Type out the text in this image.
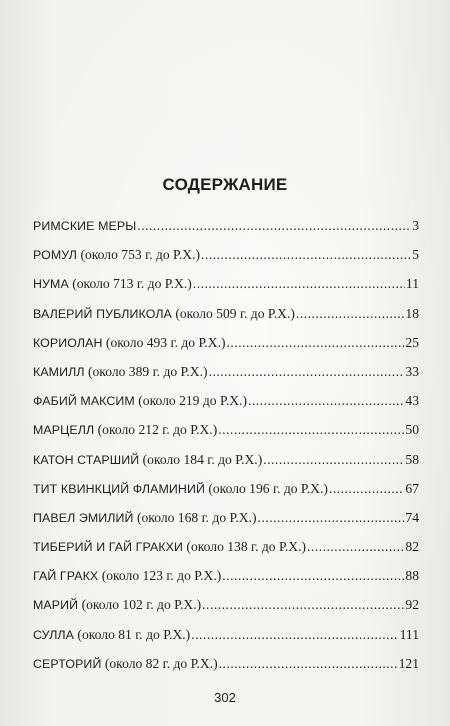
СОДЕРЖАНИЕ
РИМСКИЕ МЕРЫ .....	3
РОМУЛ (около 753 г. до Р.Х.) .....	5
НУМА (около 713 г. до Р.Х.) .....	11
ВАЛЕРИЙ ПУБЛИКОЛА (около 509 г. до Р.Х.) .....	18
КОРИОЛАН (около 493 г. до Р.Х.) .....	25
КАМИЛЛ (около 389 г. до Р.Х.) .....	33
ФАБИЙ МАКСИМ (около 219 до Р.Х.) .....	43
МАРЦЕЛЛ (около 212 г. до Р.Х.) .....	50
КАТОН СТАРШИЙ (около 184 г. до Р.Х.) .....	58
ТИТ КВИНКЦИЙ ФЛАМИНИЙ (около 196 г. до Р.Х.) .....	67
ПАВЕЛ ЭМИЛИЙ (около 168 г. до Р.Х.) .....	74
ТИБЕРИЙ И ГАЙ ГРАКХИ (около 138 г. до Р.Х.) .....	82
ГАЙ ГРАКХ (около 123 г. до Р.Х.) .....	88
МАРИЙ (около 102 г. до Р.Х.) .....	92
СУЛЛА (около 81 г. до Р.Х.) .....	111
СЕРТОРИЙ (около 82 г. до Р.Х.) .....	121
302
